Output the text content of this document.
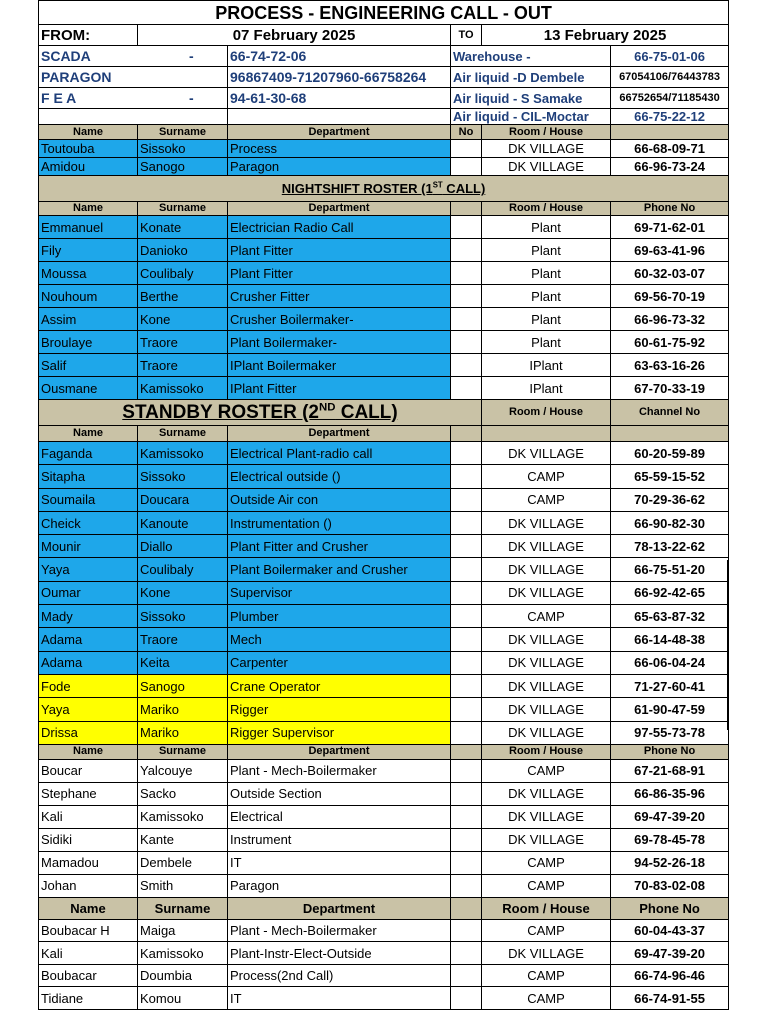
PROCESS - ENGINEERING CALL - OUT					
FROM:	07 February 2025		TO	13 February 2025	
SCADA -		66-74-72-06	Warehouse -		66-75-01-06
PARAGON		96867409-71207960-66758264	Air liquid -D Dembele		67054106/76443783
F E A -		94-61-30-68	Air liquid - S Samake		66752654/71185430

			Air liquid - CIL-Moctar		66-75-22-12
Name	Surname	Department	No	Room / House	
Toutouba	Sissoko	Process		DK VILLAGE	66-68-09-71
Amidou	Sanogo	Paragon		DK VILLAGE	66-96-73-24
NIGHTSHIFT ROSTER (1ST CALL)					
Name	Surname	Department		Room / House	Phone No
Emmanuel	Konate	Electrician Radio Call		Plant	69-71-62-01
Fily	Danioko	Plant Fitter		Plant	69-63-41-96
Moussa	Coulibaly	Plant Fitter		Plant	60-32-03-07
Nouhoum	Berthe	Crusher Fitter		Plant	69-56-70-19
Assim	Kone	Crusher Boilermaker-		Plant	66-96-73-32
Broulaye	Traore	Plant Boilermaker-		Plant	60-61-75-92
Salif	Traore	IPlant Boilermaker		IPlant	63-63-16-26
Ousmane	Kamissoko	IPlant Fitter		IPlant	67-70-33-19
STANDBY ROSTER (2ND CALL)				Room / House	Channel No
Name	Surname	Department			
Faganda	Kamissoko	Electrical Plant-radio call		DK VILLAGE	60-20-59-89
Sitapha	Sissoko	Electrical outside ()		CAMP	65-59-15-52
Soumaila	Doucara	Outside Air con		CAMP	70-29-36-62
Cheick	Kanoute	Instrumentation ()		DK VILLAGE	66-90-82-30
Mounir	Diallo	Plant Fitter and Crusher		DK VILLAGE	78-13-22-62
Yaya	Coulibaly	Plant Boilermaker and Crusher		DK VILLAGE	66-75-51-20
Oumar	Kone	Supervisor		DK VILLAGE	66-92-42-65
Mady	Sissoko	Plumber		CAMP	65-63-87-32
Adama	Traore	Mech		DK VILLAGE	66-14-48-38
Adama	Keita	Carpenter		DK VILLAGE	66-06-04-24
Fode	Sanogo	Crane Operator		DK VILLAGE	71-27-60-41
Yaya	Mariko	Rigger		DK VILLAGE	61-90-47-59
Drissa	Mariko	Rigger Supervisor		DK VILLAGE	97-55-73-78
Name	Surname	Department		Room / House	Phone No
Boucar	Yalcouye	Plant - Mech-Boilermaker		CAMP	67-21-68-91
Stephane	Sacko	Outside Section		DK VILLAGE	66-86-35-96
Kali	Kamissoko	Electrical		DK VILLAGE	69-47-39-20
Sidiki	Kante	Instrument		DK VILLAGE	69-78-45-78
Mamadou	Dembele	IT		CAMP	94-52-26-18
Johan	Smith	Paragon		CAMP	70-83-02-08
Name	Surname	Department		Room / House	Phone No
Boubacar H	Maiga	Plant - Mech-Boilermaker		CAMP	60-04-43-37
Kali	Kamissoko	Plant-Instr-Elect-Outside		DK VILLAGE	69-47-39-20
Boubacar	Doumbia	Process(2nd Call)		CAMP	66-74-96-46
Tidiane	Komou	IT		CAMP	66-74-91-55
